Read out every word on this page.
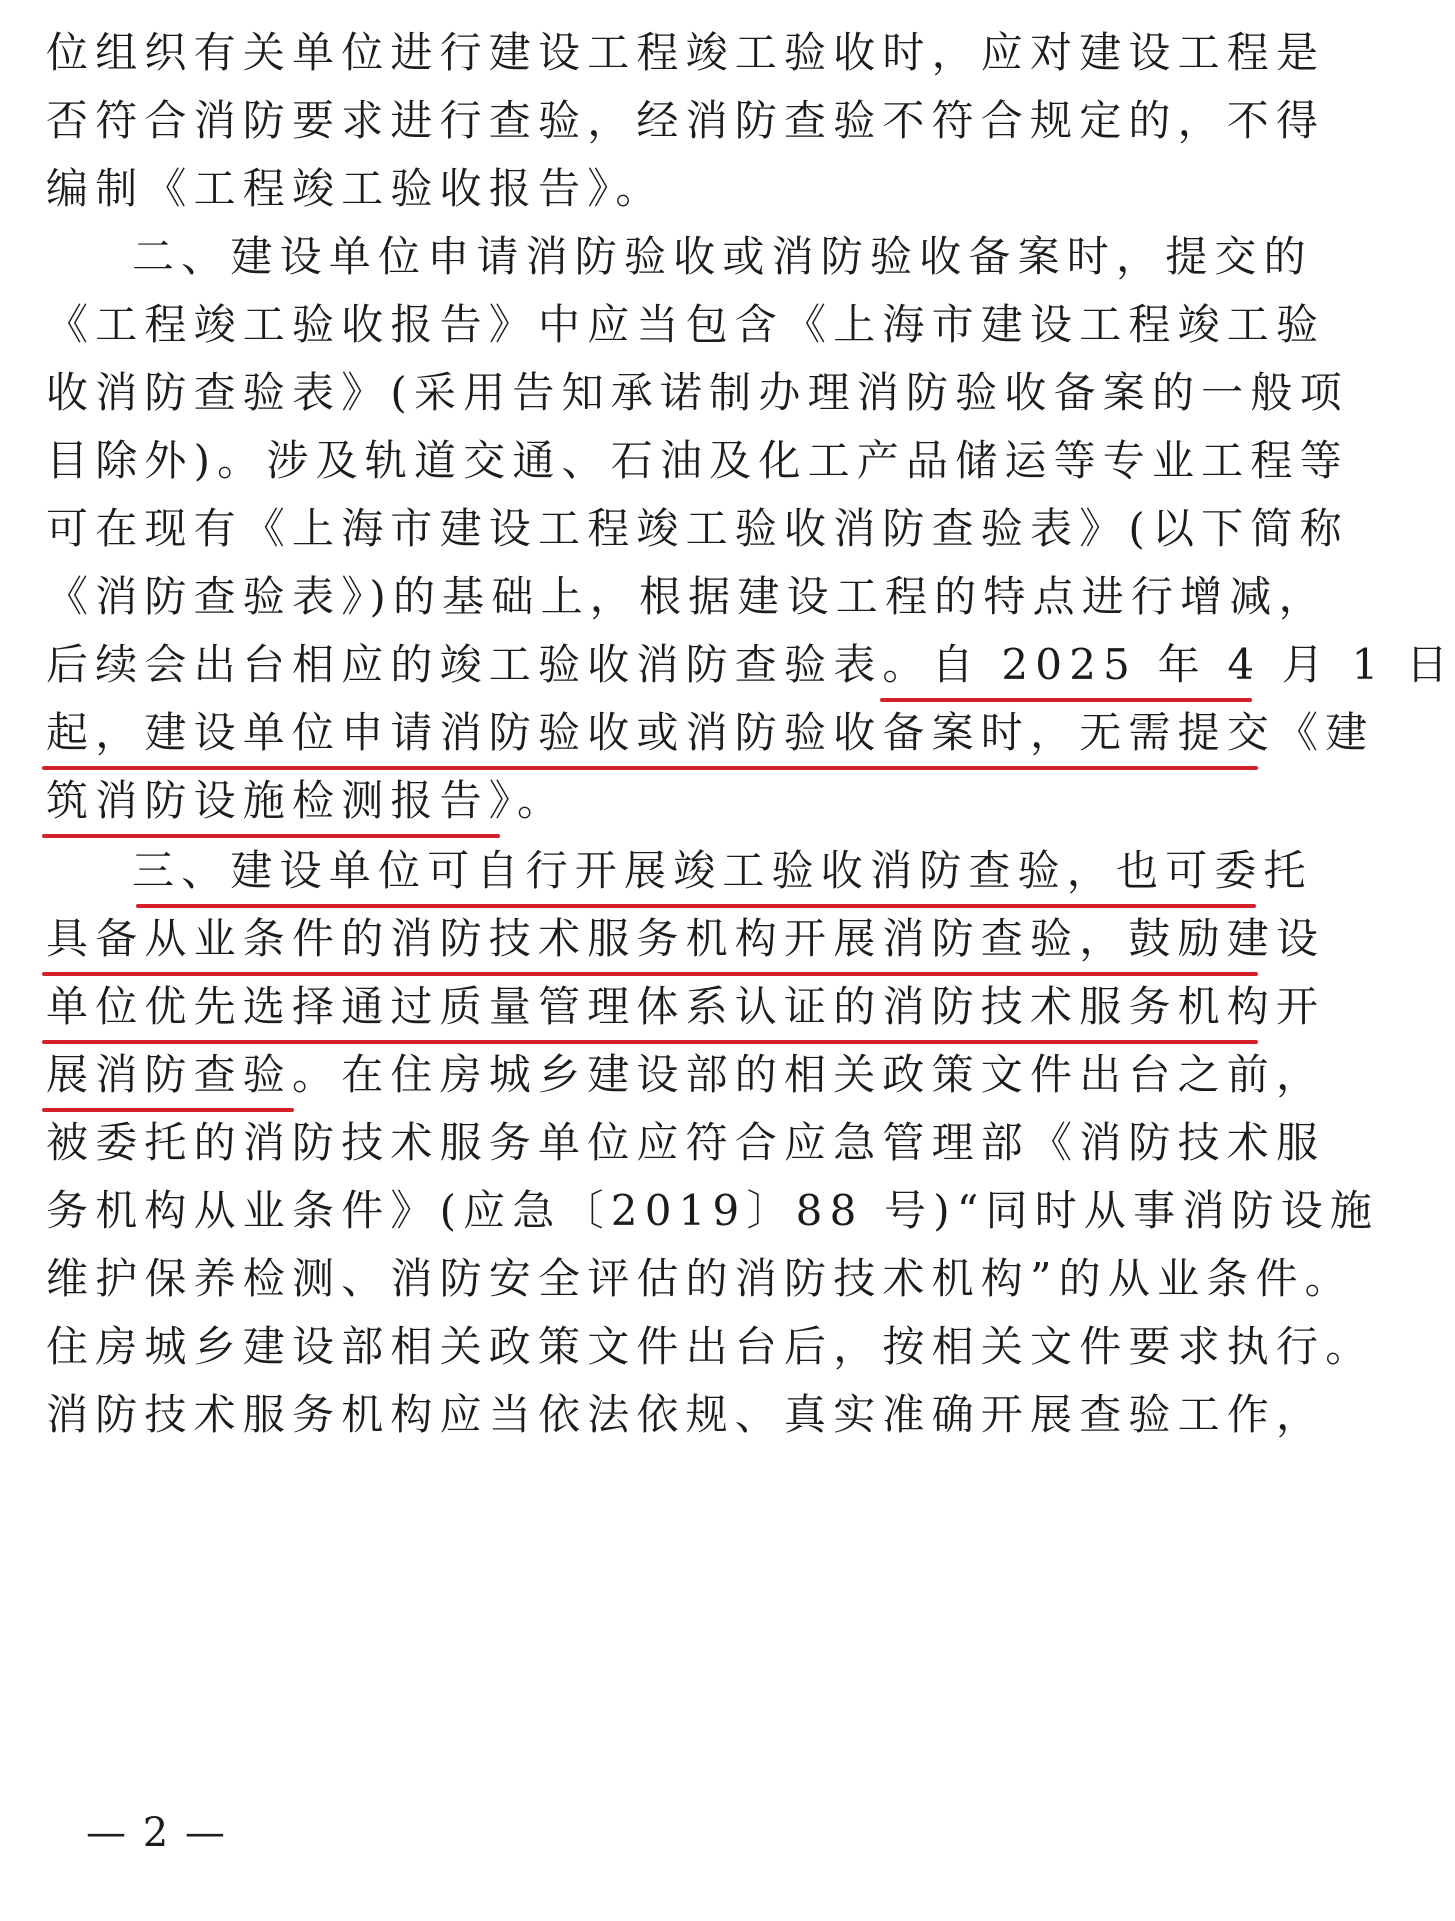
位组织有关单位进行建设工程竣工验收时，应对建设工程是
否符合消防要求进行查验，经消防查验不符合规定的，不得
编制《工程竣工验收报告》。
二、建设单位申请消防验收或消防验收备案时，提交的
《工程竣工验收报告》中应当包含《上海市建设工程竣工验
收消防查验表》(采用告知承诺制办理消防验收备案的一般项
目除外)。涉及轨道交通、石油及化工产品储运等专业工程等
可在现有《上海市建设工程竣工验收消防查验表》(以下简称
《消防查验表》)的基础上，根据建设工程的特点进行增减，
后续会出台相应的竣工验收消防查验表。自 2025 年 4 月 1 日
起，建设单位申请消防验收或消防验收备案时，无需提交《建
筑消防设施检测报告》。
三、建设单位可自行开展竣工验收消防查验，也可委托
具备从业条件的消防技术服务机构开展消防查验，鼓励建设
单位优先选择通过质量管理体系认证的消防技术服务机构开
展消防查验。在住房城乡建设部的相关政策文件出台之前，
被委托的消防技术服务单位应符合应急管理部《消防技术服
务机构从业条件》(应急〔2019〕88 号)“同时从事消防设施
维护保养检测、消防安全评估的消防技术机构”的从业条件。
住房城乡建设部相关政策文件出台后，按相关文件要求执行。
消防技术服务机构应当依法依规、真实准确开展查验工作，
— 2 —
